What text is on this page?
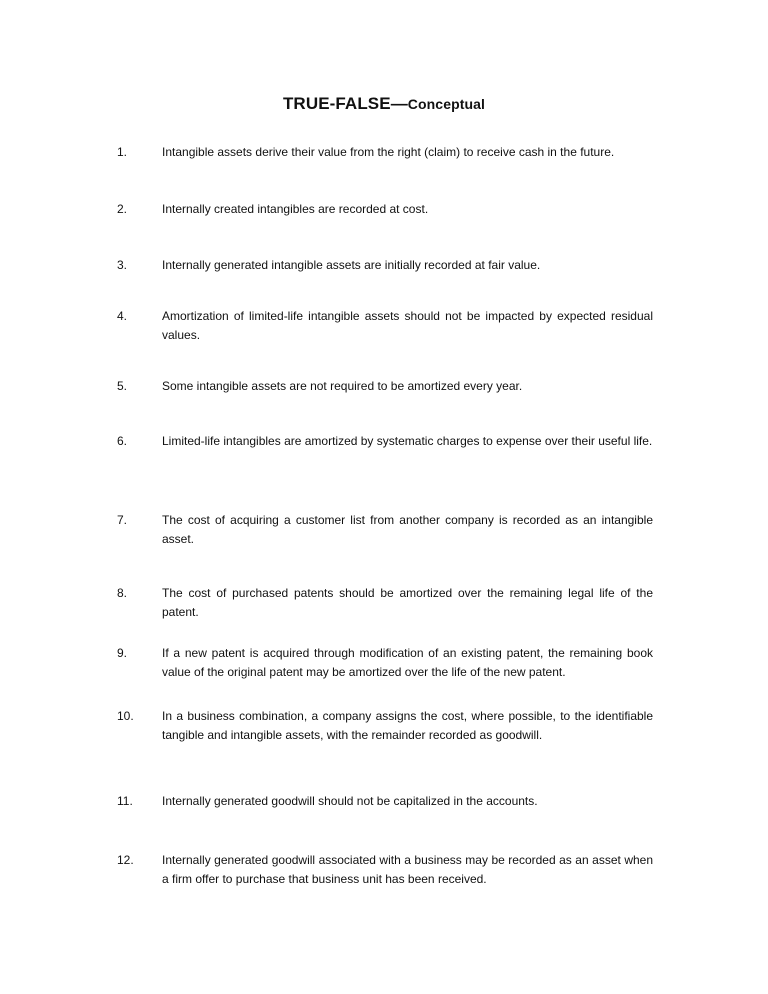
TRUE-FALSE—Conceptual
1.	Intangible assets derive their value from the right (claim) to receive cash in the future.
2.	Internally created intangibles are recorded at cost.
3.	Internally generated intangible assets are initially recorded at fair value.
4.	Amortization of limited-life intangible assets should not be impacted by expected residual values.
5.	Some intangible assets are not required to be amortized every year.
6.	Limited-life intangibles are amortized by systematic charges to expense over their useful life.
7.	The cost of acquiring a customer list from another company is recorded as an intangible asset.
8.	The cost of purchased patents should be amortized over the remaining legal life of the patent.
9.	If a new patent is acquired through modification of an existing patent, the remaining book value of the original patent may be amortized over the life of the new patent.
10.	In a business combination, a company assigns the cost, where possible, to the identifiable tangible and intangible assets, with the remainder recorded as goodwill.
11.	Internally generated goodwill should not be capitalized in the accounts.
12.	Internally generated goodwill associated with a business may be recorded as an asset when a firm offer to purchase that business unit has been received.
